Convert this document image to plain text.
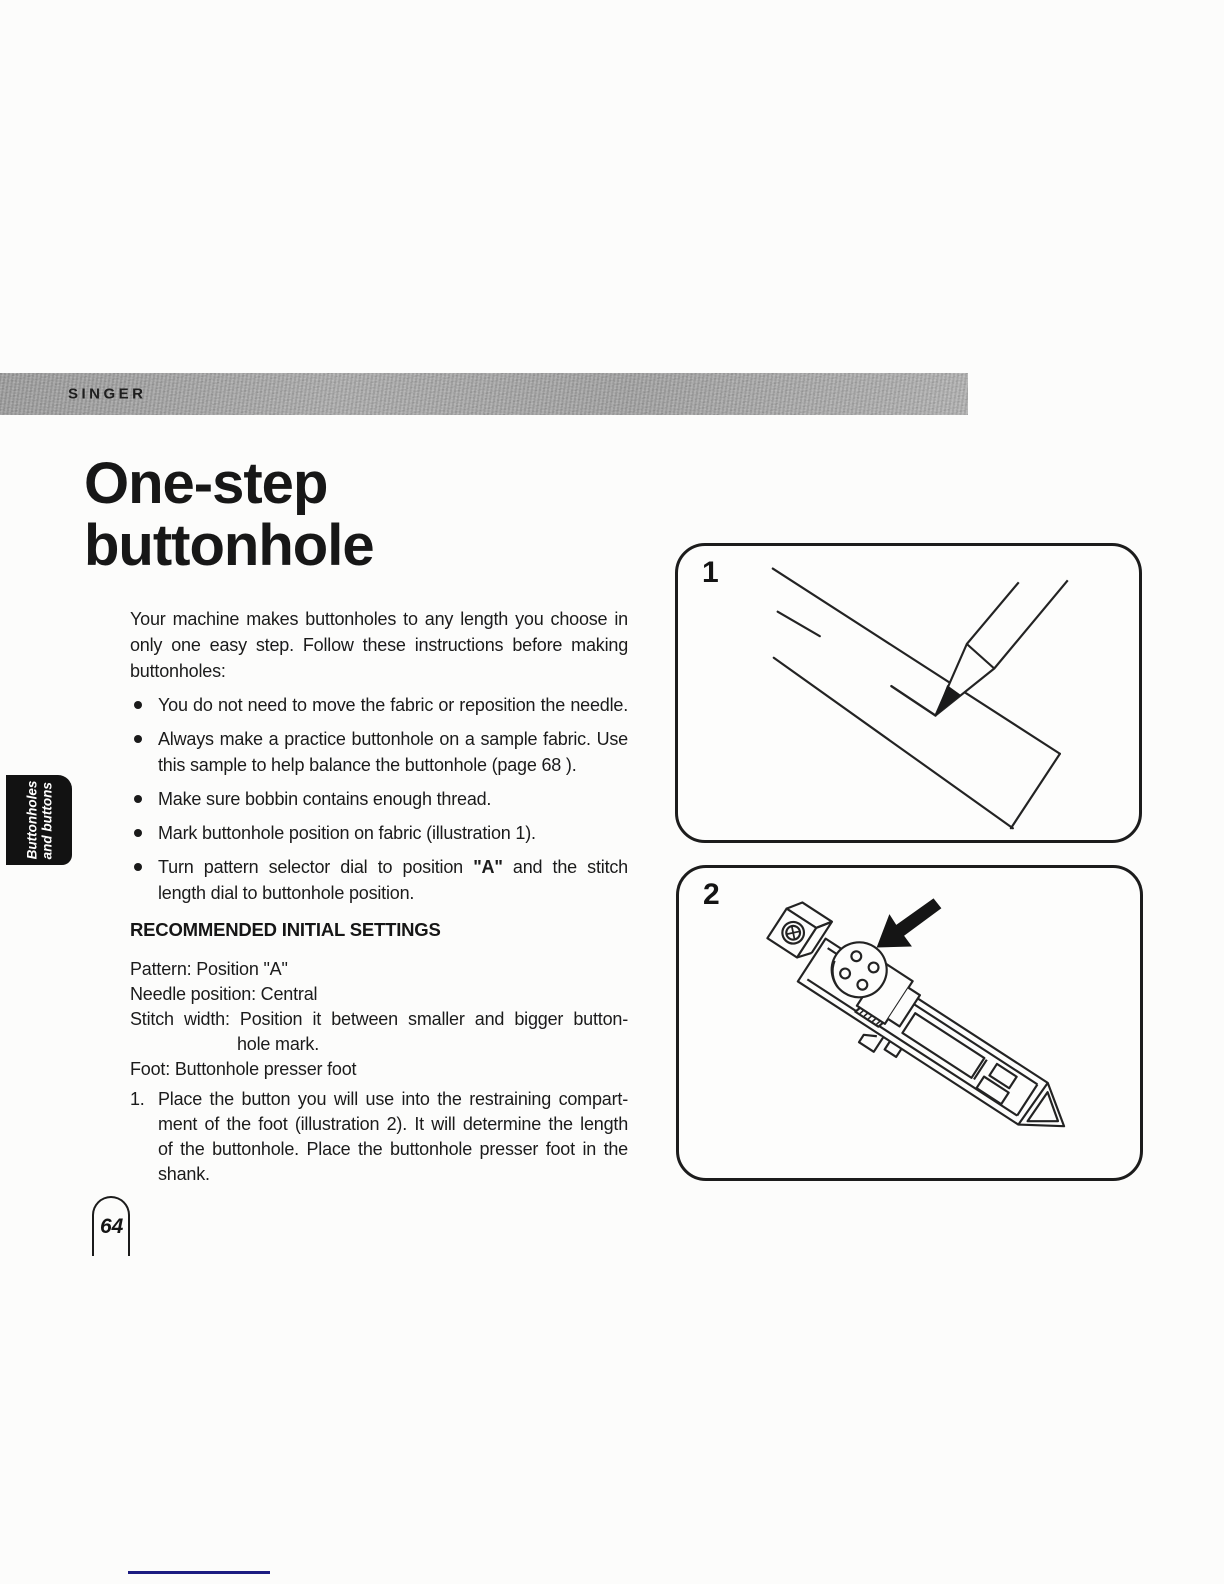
SINGER
One-step
buttonhole
Your machine makes buttonholes to any length you choose in
only one easy step. Follow these instructions before making
buttonholes:
You do not need to move the fabric or reposition the needle.
Always make a practice buttonhole on a sample fabric. Use
this sample to help balance the buttonhole (page 68 ).
Make sure bobbin contains enough thread.
Mark buttonhole position on fabric (illustration 1).
Turn pattern selector dial to position "A" and the stitch
length dial to buttonhole position.
RECOMMENDED INITIAL SETTINGS
Pattern: Position "A"
Needle position: Central
Stitch width: Position it between smaller and bigger button-
hole mark.
Foot: Buttonhole presser foot
1. Place the button you will use into the restraining compart-
ment of the foot (illustration 2). It will determine the length
of the buttonhole. Place the buttonhole presser foot in the
shank.
Buttonholes and buttons
64
1
2
